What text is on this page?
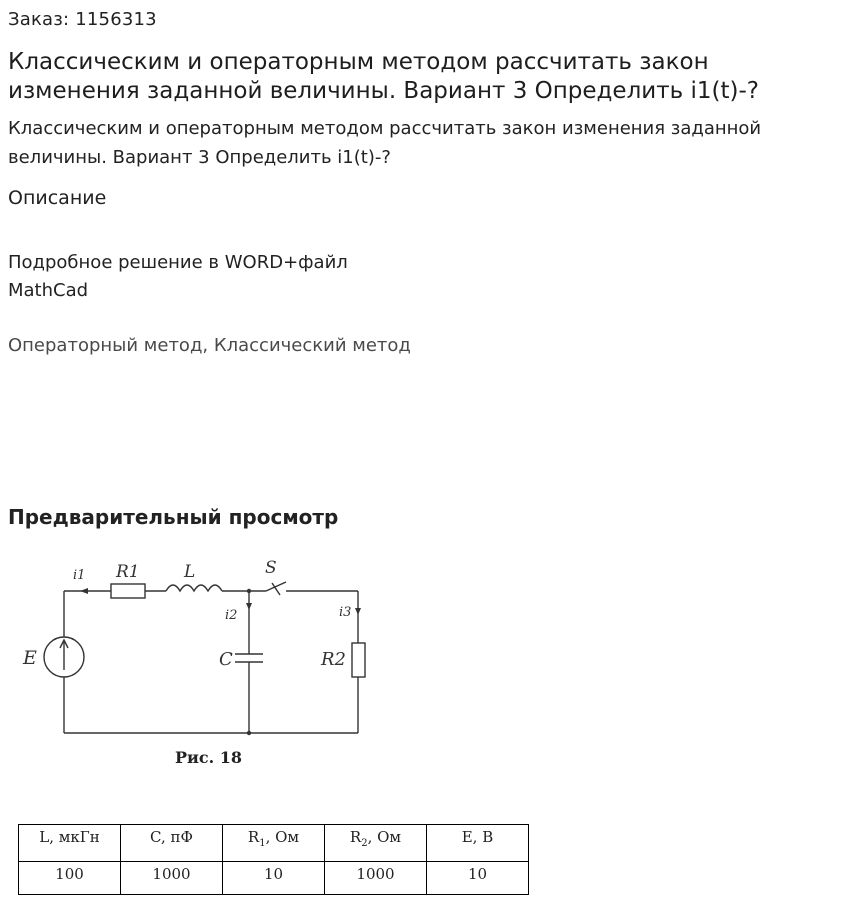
Заказ: 1156313
Классическим и операторным методом рассчитать закон изменения заданной величины. Вариант 3 Определить i1(t)-?
Классическим и операторным методом рассчитать закон изменения заданной величины. Вариант 3 Определить i1(t)-?
Описание
Подробное решение в WORD+файл
MathCad
Операторный метод, Классический метод
Предварительный просмотр
i1 R1	L	S
i2	i3
E	C	R2
Рис. 18
L, мкГн	C, пФ	$R_1$, Ом	$R_2$, Ом	E, В
100	1000	10	1000	10
